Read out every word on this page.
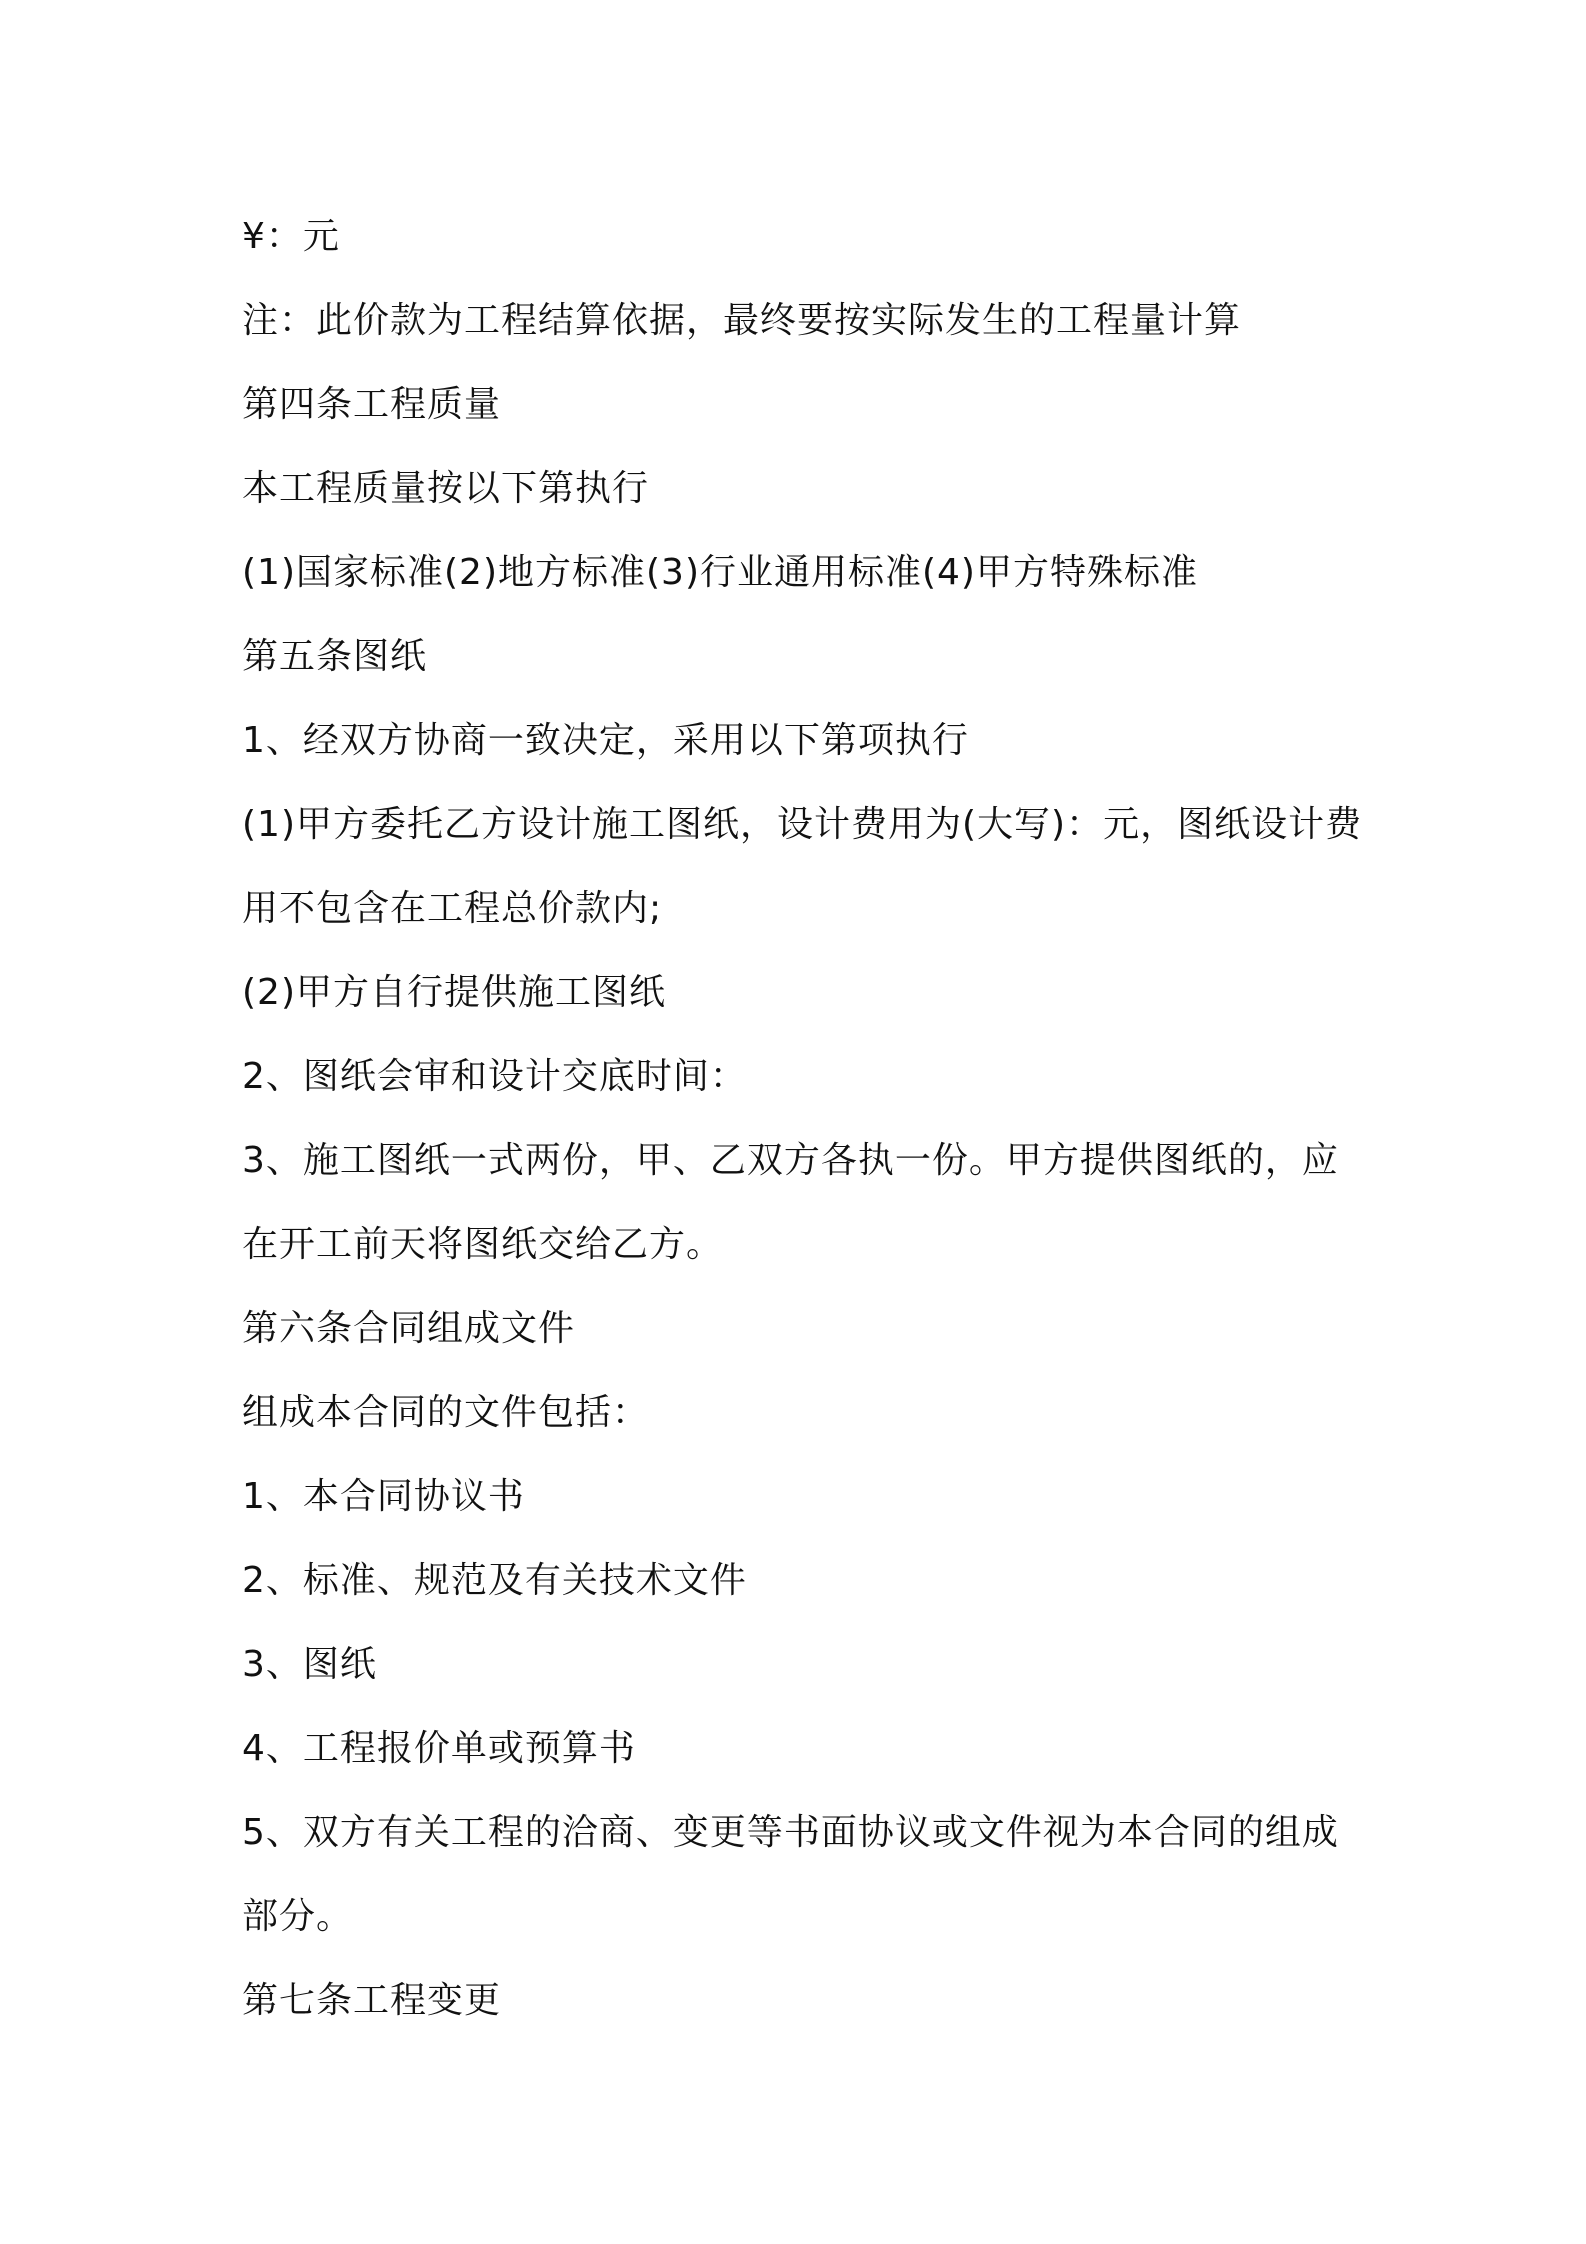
¥：元
注：此价款为工程结算依据，最终要按实际发生的工程量计算
第四条工程质量
本工程质量按以下第执行
(1)国家标准(2)地方标准(3)行业通用标准(4)甲方特殊标准
第五条图纸
1、经双方协商一致决定，采用以下第项执行
(1)甲方委托乙方设计施工图纸，设计费用为(大写)：元，图纸设计费
用不包含在工程总价款内;
(2)甲方自行提供施工图纸
2、图纸会审和设计交底时间：
3、施工图纸一式两份，甲、乙双方各执一份。甲方提供图纸的，应
在开工前天将图纸交给乙方。
第六条合同组成文件
组成本合同的文件包括：
1、本合同协议书
2、标准、规范及有关技术文件
3、图纸
4、工程报价单或预算书
5、双方有关工程的洽商、变更等书面协议或文件视为本合同的组成
部分。
第七条工程变更
